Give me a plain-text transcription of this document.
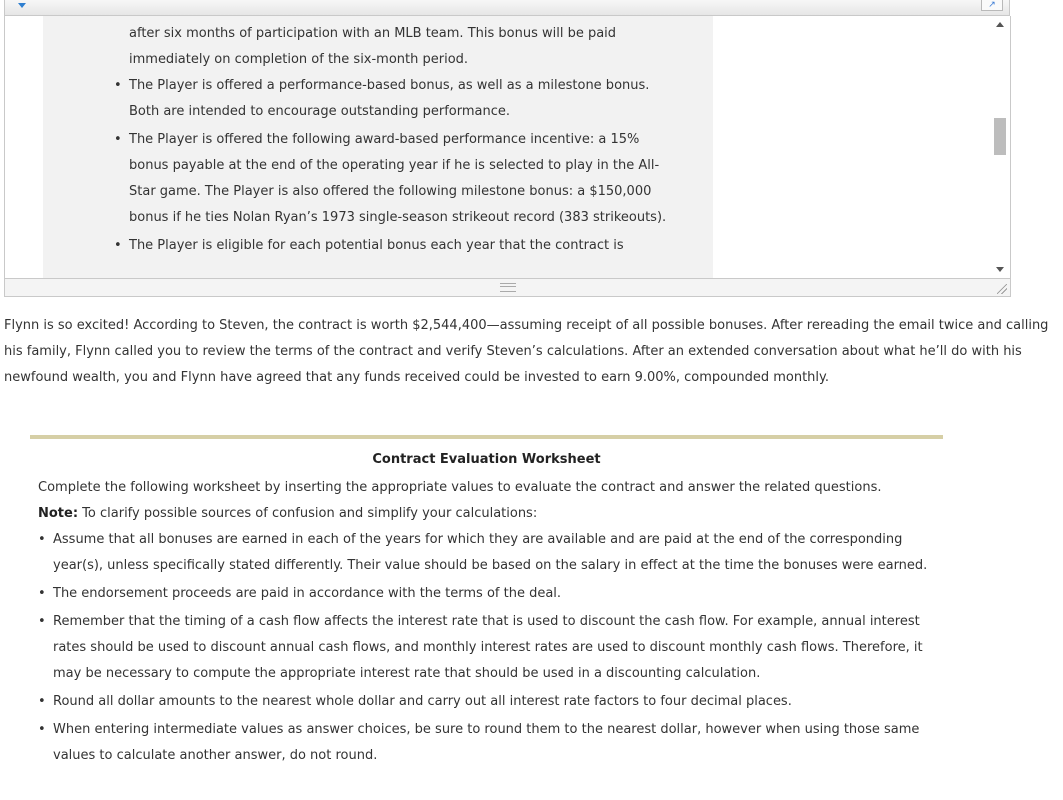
↗
after six months of participation with an MLB team. This bonus will be paid immediately on completion of the six-month period.
• The Player is offered a performance-based bonus, as well as a milestone bonus. Both are intended to encourage outstanding performance.
• The Player is offered the following award-based performance incentive: a 15% bonus payable at the end of the operating year if he is selected to play in the All-Star game. The Player is also offered the following milestone bonus: a $150,000 bonus if he ties Nolan Ryan’s 1973 single-season strikeout record (383 strikeouts).
• The Player is eligible for each potential bonus each year that the contract is

Flynn is so excited! According to Steven, the contract is worth $2,544,400—assuming receipt of all possible bonuses. After rereading the email twice and calling his family, Flynn called you to review the terms of the contract and verify Steven’s calculations. After an extended conversation about what he’ll do with his newfound wealth, you and Flynn have agreed that any funds received could be invested to earn 9.00%, compounded monthly.

Contract Evaluation Worksheet

Complete the following worksheet by inserting the appropriate values to evaluate the contract and answer the related questions.

Note: To clarify possible sources of confusion and simplify your calculations:

• Assume that all bonuses are earned in each of the years for which they are available and are paid at the end of the corresponding year(s), unless specifically stated differently. Their value should be based on the salary in effect at the time the bonuses were earned.
• The endorsement proceeds are paid in accordance with the terms of the deal.
• Remember that the timing of a cash flow affects the interest rate that is used to discount the cash flow. For example, annual interest rates should be used to discount annual cash flows, and monthly interest rates are used to discount monthly cash flows. Therefore, it may be necessary to compute the appropriate interest rate that should be used in a discounting calculation.
• Round all dollar amounts to the nearest whole dollar and carry out all interest rate factors to four decimal places.
• When entering intermediate values as answer choices, be sure to round them to the nearest dollar, however when using those same values to calculate another answer, do not round.
